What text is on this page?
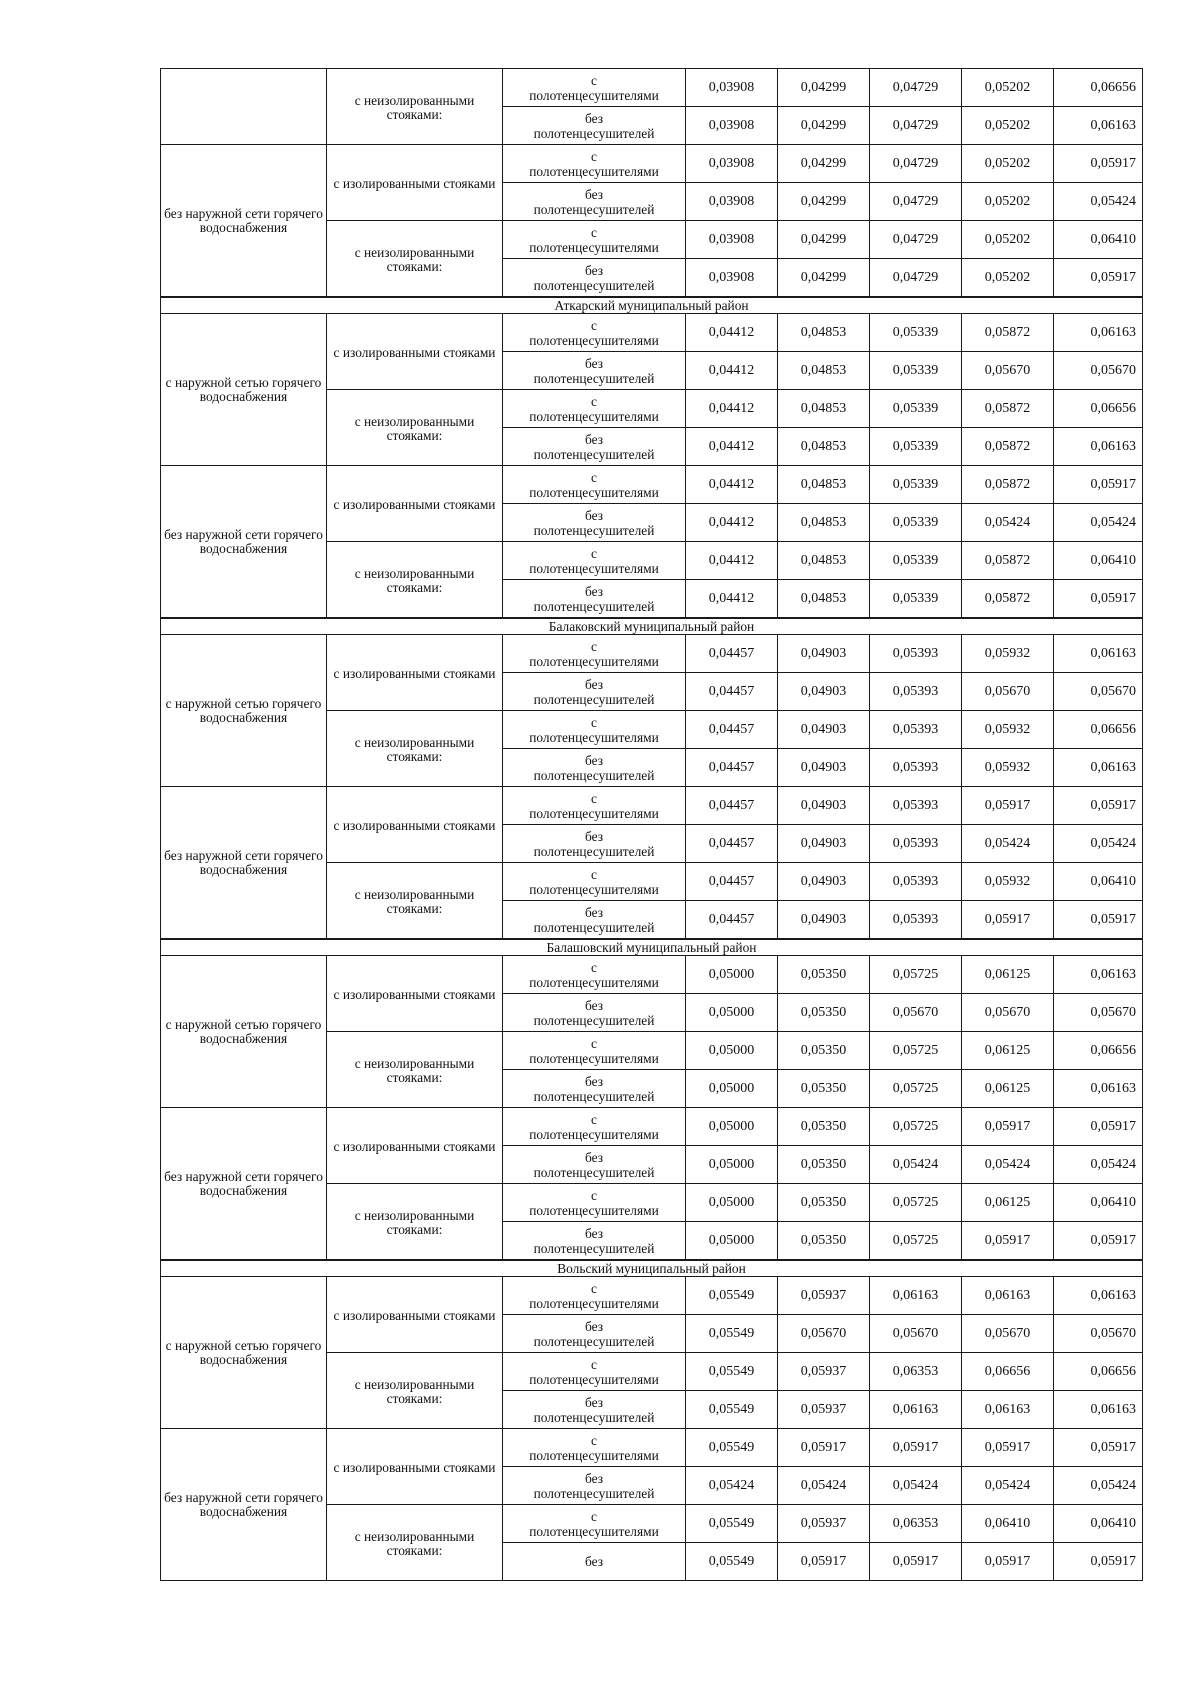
	с неизолированными стояками:	с
полотенцесушителями	0,03908	0,04299	0,04729	0,05202	0,06656

		без
полотенцесушителей	0,03908	0,04299	0,04729	0,05202	0,06163
без наружной сети горячего водоснабжения	с изолированными стояками	с
полотенцесушителями	0,03908	0,04299	0,04729	0,05202	0,05917

		без
полотенцесушителей	0,03908	0,04299	0,04729	0,05202	0,05424
	с неизолированными стояками:	с
полотенцесушителями	0,03908	0,04299	0,04729	0,05202	0,06410

		без
полотенцесушителей	0,03908	0,04299	0,04729	0,05202	0,05917

Аткарский муниципальный район							

с наружной сетью горячего водоснабжения	с изолированными стояками	с
полотенцесушителями	0,04412	0,04853	0,05339	0,05872	0,06163

		без
полотенцесушителей	0,04412	0,04853	0,05339	0,05670	0,05670
	с неизолированными стояками:	с
полотенцесушителями	0,04412	0,04853	0,05339	0,05872	0,06656

		без
полотенцесушителей	0,04412	0,04853	0,05339	0,05872	0,06163
без наружной сети горячего водоснабжения	с изолированными стояками	с
полотенцесушителями	0,04412	0,04853	0,05339	0,05872	0,05917

		без
полотенцесушителей	0,04412	0,04853	0,05339	0,05424	0,05424
	с неизолированными стояками:	с
полотенцесушителями	0,04412	0,04853	0,05339	0,05872	0,06410

		без
полотенцесушителей	0,04412	0,04853	0,05339	0,05872	0,05917

Балаковский муниципальный район							

с наружной сетью горячего водоснабжения	с изолированными стояками	с
полотенцесушителями	0,04457	0,04903	0,05393	0,05932	0,06163

		без
полотенцесушителей	0,04457	0,04903	0,05393	0,05670	0,05670
	с неизолированными стояками:	с
полотенцесушителями	0,04457	0,04903	0,05393	0,05932	0,06656

		без
полотенцесушителей	0,04457	0,04903	0,05393	0,05932	0,06163
без наружной сети горячего водоснабжения	с изолированными стояками	с
полотенцесушителями	0,04457	0,04903	0,05393	0,05917	0,05917

		без
полотенцесушителей	0,04457	0,04903	0,05393	0,05424	0,05424
	с неизолированными стояками:	с
полотенцесушителями	0,04457	0,04903	0,05393	0,05932	0,06410

		без
полотенцесушителей	0,04457	0,04903	0,05393	0,05917	0,05917

Балашовский муниципальный район							

с наружной сетью горячего водоснабжения	с изолированными стояками	с
полотенцесушителями	0,05000	0,05350	0,05725	0,06125	0,06163

		без
полотенцесушителей	0,05000	0,05350	0,05670	0,05670	0,05670
	с неизолированными стояками:	с
полотенцесушителями	0,05000	0,05350	0,05725	0,06125	0,06656

		без
полотенцесушителей	0,05000	0,05350	0,05725	0,06125	0,06163
без наружной сети горячего водоснабжения	с изолированными стояками	с
полотенцесушителями	0,05000	0,05350	0,05725	0,05917	0,05917

		без
полотенцесушителей	0,05000	0,05350	0,05424	0,05424	0,05424
	с неизолированными стояками:	с
полотенцесушителями	0,05000	0,05350	0,05725	0,06125	0,06410

		без
полотенцесушителей	0,05000	0,05350	0,05725	0,05917	0,05917

Вольский муниципальный район							

с наружной сетью горячего водоснабжения	с изолированными стояками	с
полотенцесушителями	0,05549	0,05937	0,06163	0,06163	0,06163

		без
полотенцесушителей	0,05549	0,05670	0,05670	0,05670	0,05670
	с неизолированными стояками:	с
полотенцесушителями	0,05549	0,05937	0,06353	0,06656	0,06656

		без
полотенцесушителей	0,05549	0,05937	0,06163	0,06163	0,06163
без наружной сети горячего водоснабжения	с изолированными стояками	с
полотенцесушителями	0,05549	0,05917	0,05917	0,05917	0,05917

		без
полотенцесушителей	0,05424	0,05424	0,05424	0,05424	0,05424
	с неизолированными стояками:	с
полотенцесушителями	0,05549	0,05937	0,06353	0,06410	0,06410

		без	0,05549	0,05917	0,05917	0,05917	0,05917
